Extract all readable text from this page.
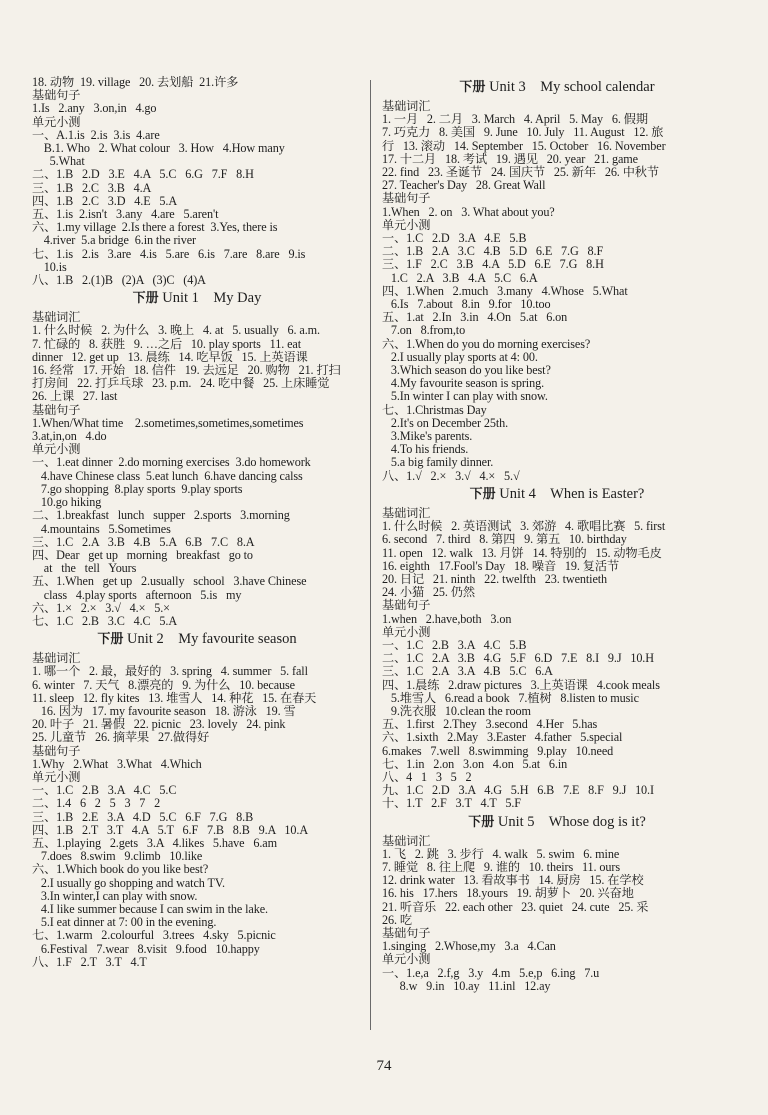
18. 动物  19. village   20. 去划船  21.许多
基础句子
1.Is   2.any   3.on,in   4.go
单元小测
一、A.1.is  2.is  3.is  4.are
B.1. Who   2. What colour   3. How   4.How many
5.What
二、1.B   2.D   3.E   4.A   5.C   6.G   7.F   8.H
三、1.B   2.C   3.B   4.A
四、1.B   2.C   3.D   4.E   5.A
五、1.is  2.isn't   3.any   4.are   5.aren't
六、1.my village  2.Is there a forest  3.Yes, there is
4.river  5.a bridge  6.in the river
七、1.is   2.is   3.are   4.is   5.are   6.is   7.are   8.are   9.is
10.is
八、1.B   2.(1)B   (2)A   (3)C   (4)A
下册 Unit 1    My Day
基础词汇
1. 什么时候   2. 为什么   3. 晚上   4. at   5. usually   6. a.m.
7. 忙碌的   8. 获胜   9. …之后   10. play sports   11. eat
dinner   12. get up   13. 晨练   14. 吃早饭   15. 上英语课
16. 经常   17. 开始   18. 信件   19. 去远足   20. 购物   21. 打扫
打房间   22. 打乒乓球   23. p.m.   24. 吃中餐   25. 上床睡觉
26. 上课   27. last
基础句子
1.When/What time    2.sometimes,sometimes,sometimes
3.at,in,on   4.do
单元小测
一、1.eat dinner  2.do morning exercises  3.do homework
4.have Chinese class  5.eat lunch  6.have dancing calss
7.go shopping  8.play sports  9.play sports
10.go hiking
二、1.breakfast   lunch   supper   2.sports   3.morning
4.mountains   5.Sometimes
三、1.C   2.A   3.B   4.B   5.A   6.B   7.C   8.A
四、Dear   get up   morning   breakfast   go to
at   the   tell   Yours
五、1.When   get up   2.usually   school   3.have Chinese
class   4.play sports   afternoon   5.is   my
六、1.×   2.×   3.√   4.×   5.×
七、1.C   2.B   3.C   4.C   5.A
下册 Unit 2    My favourite season
基础词汇
1. 哪一个   2. 最，最好的   3. spring   4. summer   5. fall
6. winter   7. 天气   8.漂亮的   9. 为什么   10. because
11. sleep   12. fly kites   13. 堆雪人   14. 种花   15. 在春天
16. 因为   17. my favourite season   18. 游泳   19. 雪
20. 叶子   21. 暑假   22. picnic   23. lovely   24. pink
25. 儿童节   26. 摘苹果   27.做得好
基础句子
1.Why   2.What   3.What   4.Which
单元小测
一、1.C   2.B   3.A   4.C   5.C
二、1.4   6   2   5   3   7   2
三、1.B   2.E   3.A   4.D   5.C   6.F   7.G   8.B
四、1.B   2.T   3.T   4.A   5.T   6.F   7.B   8.B   9.A   10.A
五、1.playing   2.gets   3.A   4.likes   5.have   6.am
7.does   8.swim   9.climb   10.like
六、1.Which book do you like best?
2.I usually go shopping and watch TV.
3.In winter,I can play with snow.
4.I like summer because I can swim in the lake.
5.I eat dinner at 7: 00 in the evening.
七、1.warm   2.colourful   3.trees   4.sky   5.picnic
6.Festival   7.wear   8.visit   9.food   10.happy
八、1.F   2.T   3.T   4.T
下册 Unit 3    My school calendar
基础词汇
1. 一月   2. 二月   3. March   4. April   5. May   6. 假期
7. 巧克力   8. 美国   9. June   10. July   11. August   12. 旅
行   13. 滚动   14. September   15. October   16. November
17. 十二月   18. 考试   19. 遇见   20. year   21. game
22. find   23. 圣诞节   24. 国庆节   25. 新年   26. 中秋节
27. Teacher's Day   28. Great Wall
基础句子
1.When   2. on   3. What about you?
单元小测
一、1.C   2.D   3.A   4.E   5.B
二、1.B   2.A   3.C   4.B   5.D   6.E   7.G   8.F
三、1.F   2.C   3.B   4.A   5.D   6.E   7.G   8.H
1.C   2.A   3.B   4.A   5.C   6.A
四、1.When   2.much   3.many   4.Whose   5.What
6.Is   7.about   8.in   9.for   10.too
五、1.at   2.In   3.in   4.On   5.at   6.on
7.on   8.from,to
六、1.When do you do morning exercises?
2.I usually play sports at 4: 00.
3.Which season do you like best?
4.My favourite season is spring.
5.In winter I can play with snow.
七、1.Christmas Day
2.It's on December 25th.
3.Mike's parents.
4.To his friends.
5.a big family dinner.
八、1.√   2.×   3.√   4.×   5.√
下册 Unit 4    When is Easter?
基础词汇
1. 什么时候   2. 英语测试   3. 郊游   4. 歌唱比赛   5. first
6. second   7. third   8. 第四   9. 第五   10. birthday
11. open   12. walk   13. 月饼   14. 特别的   15. 动物毛皮
16. eighth   17.Fool's Day   18. 噪音   19. 复活节
20. 日记   21. ninth   22. twelfth   23. twentieth
24. 小猫   25. 仍然
基础句子
1.when   2.have,both   3.on
单元小测
一、1.C   2.B   3.A   4.C   5.B
二、1.C   2.A   3.B   4.G   5.F   6.D   7.E   8.I   9.J   10.H
三、1.C   2.A   3.A   4.B   5.C   6.A
四、1.晨练   2.draw pictures   3.上英语课   4.cook meals
5.堆雪人   6.read a book   7.植树   8.listen to music
9.洗衣服   10.clean the room
五、1.first   2.They   3.second   4.Her   5.has
六、1.sixth   2.May   3.Easter   4.father   5.special
6.makes   7.well   8.swimming   9.play   10.need
七、1.in   2.on   3.on   4.on   5.at   6.in
八、4   1   3   5   2
九、1.C   2.D   3.A   4.G   5.H   6.B   7.E   8.F   9.J   10.I
十、1.T   2.F   3.T   4.T   5.F
下册 Unit 5    Whose dog is it?
基础词汇
1. 飞   2. 跳   3. 步行   4. walk   5. swim   6. mine
7. 睡觉   8. 往上爬   9. 谁的   10. theirs   11. ours
12. drink water   13. 看故事书   14. 厨房   15. 在学校
16. his   17.hers   18.yours   19. 胡萝卜   20. 兴奋地
21. 听音乐   22. each other   23. quiet   24. cute   25. 采
26. 吃
基础句子
1.singing   2.Whose,my   3.a   4.Can
单元小测
一、1.e,a   2.f,g   3.y   4.m   5.e,p   6.ing   7.u
8.w   9.in   10.ay   11.inl   12.ay
74
